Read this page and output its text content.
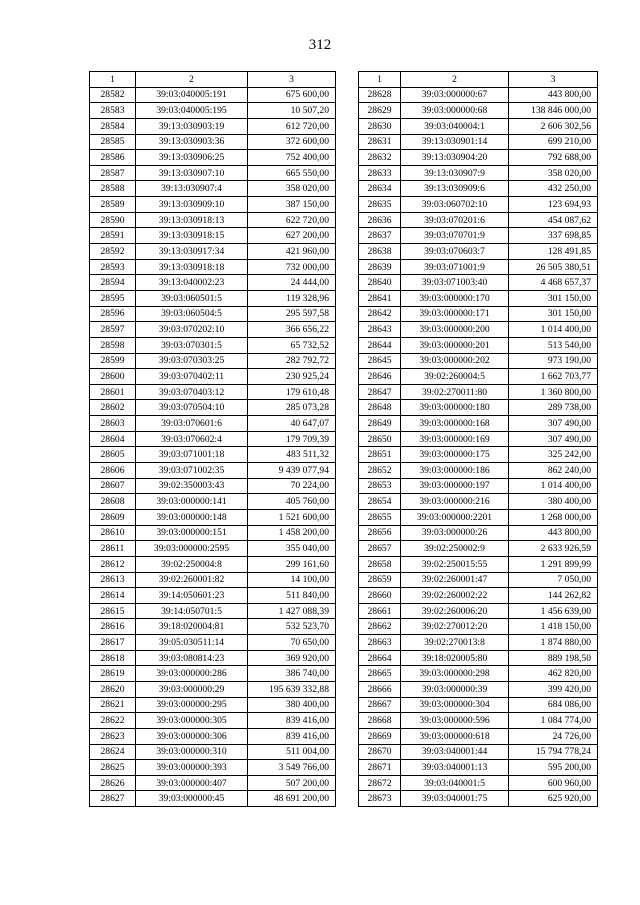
312
1	2	3
28582	39:03:040005:191	675 600,00
28583	39:03:040005:195	10 507,20
28584	39:13:030903:19	612 720,00
28585	39:13:030903:36	372 600,00
28586	39:13:030906:25	752 400,00
28587	39:13:030907:10	665 550,00
28588	39:13:030907:4	358 020,00
28589	39:13:030909:10	387 150,00
28590	39:13:030918:13	622 720,00
28591	39:13:030918:15	627 200,00
28592	39:13:030917:34	421 960,00
28593	39:13:030918:18	732 000,00
28594	39:13:040002:23	24 444,00
28595	39:03:060501:5	119 328,96
28596	39:03:060504:5	295 597,58
28597	39:03:070202:10	366 656,22
28598	39:03:070301:5	65 732,52
28599	39:03:070303:25	282 792,72
28600	39:03:070402:11	230 925,24
28601	39:03:070403:12	179 610,48
28602	39:03:070504:10	285 073,28
28603	39:03:070601:6	40 647,07
28604	39:03:070602:4	179 709,39
28605	39:03:071001:18	483 511,32
28606	39:03:071002:35	9 439 077,94
28607	39:02:350003:43	70 224,00
28608	39:03:000000:141	405 760,00
28609	39:03:000000:148	1 521 600,00
28610	39:03:000000:151	1 458 200,00
28611	39:03:000000:2595	355 040,00
28612	39:02:250004:8	299 161,60
28613	39:02:260001:82	14 100,00
28614	39:14:050601:23	511 840,00
28615	39:14:050701:5	1 427 088,39
28616	39:18:020004:81	532 523,70
28617	39:05:030511:14	70 650,00
28618	39:03:080814:23	369 920,00
28619	39:03:000000:286	386 740,00
28620	39:03:000000:29	195 639 332,88
28621	39:03:000000:295	380 400,00
28622	39:03:000000:305	839 416,00
28623	39:03:000000:306	839 416,00
28624	39:03:000000:310	511 004,00
28625	39:03:000000:393	3 549 766,00
28626	39:03:000000:407	507 200,00
28627	39:03:000000:45	48 691 200,00
1	2	3
28628	39:03:000000:67	443 800,00
28629	39:03:000000:68	138 846 000,00
28630	39:03:040004:1	2 606 302,56
28631	39:13:030901:14	699 210,00
28632	39:13:030904:20	792 688,00
28633	39:13:030907:9	358 020,00
28634	39:13:030909:6	432 250,00
28635	39:03:060702:10	123 694,93
28636	39:03:070201:6	454 087,62
28637	39:03:070701:9	337 698,85
28638	39:03:070603:7	128 491,85
28639	39:03:071001:9	26 505 380,51
28640	39:03:071003:40	4 468 657,37
28641	39:03:000000:170	301 150,00
28642	39:03:000000:171	301 150,00
28643	39:03:000000:200	1 014 400,00
28644	39:03:000000:201	513 540,00
28645	39:03:000000:202	973 190,00
28646	39:02:260004:5	1 662 703,77
28647	39:02:270011:80	1 360 800,00
28648	39:03:000000:180	289 738,00
28649	39:03:000000:168	307 490,00
28650	39:03:000000:169	307 490,00
28651	39:03:000000:175	325 242,00
28652	39:03:000000:186	862 240,00
28653	39:03:000000:197	1 014 400,00
28654	39:03:000000:216	380 400,00
28655	39:03:000000:2201	1 268 000,00
28656	39:03:000000:26	443 800,00
28657	39:02:250002:9	2 633 926,59
28658	39:02:250015:55	1 291 899,99
28659	39:02:260001:47	7 050,00
28660	39:02:260002:22	144 262,82
28661	39:02:260006:20	1 456 639,00
28662	39:02:270012:20	1 418 150,00
28663	39:02:270013:8	1 874 880,00
28664	39:18:020005:80	889 198,50
28665	39:03:000000:298	462 820,00
28666	39:03:000000:39	399 420,00
28667	39:03:000000:304	684 086,00
28668	39:03:000000:596	1 084 774,00
28669	39:03:000000:618	24 726,00
28670	39:03:040001:44	15 794 778,24
28671	39:03:040001:13	595 200,00
28672	39:03:040001:5	600 960,00
28673	39:03:040001:75	625 920,00
